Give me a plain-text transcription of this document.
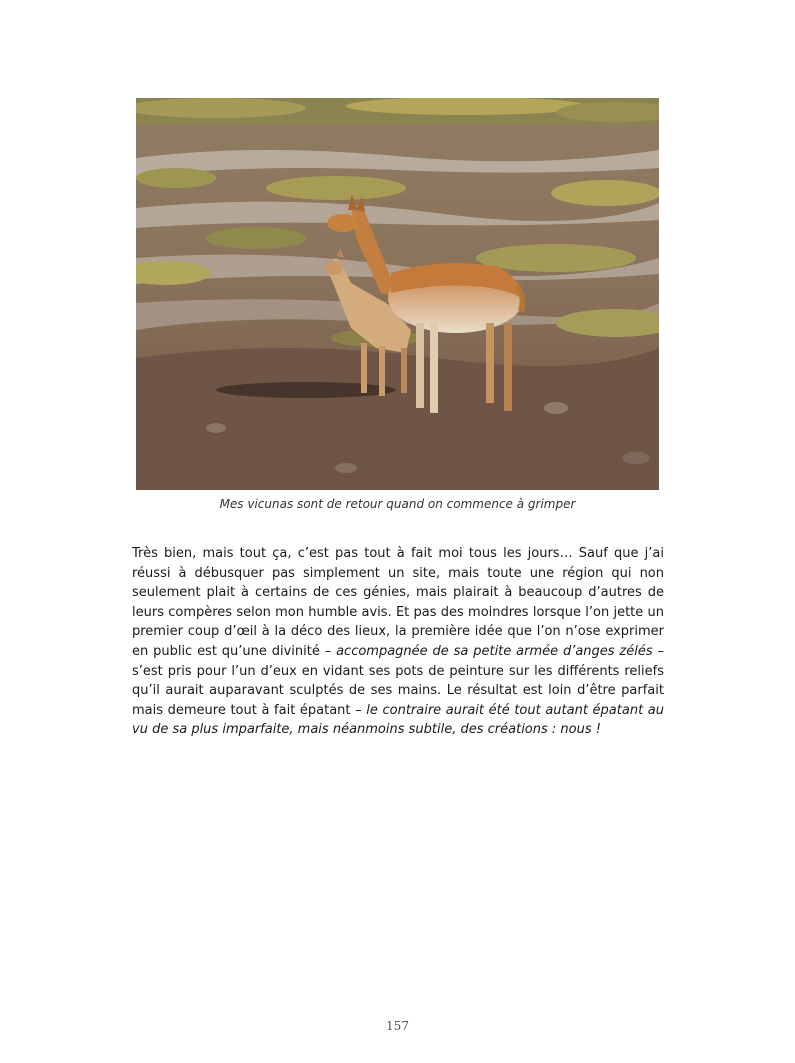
Mes vicunas sont de retour quand on commence à grimper

Très bien, mais tout ça, c’est pas tout à fait moi tous les jours… Sauf que j’ai réussi à débusquer pas simplement un site, mais toute une région qui non seulement plait à certains de ces génies, mais plairait à beaucoup d’autres de leurs compères selon mon humble avis. Et pas des moindres lorsque l’on jette un premier coup d’œil à la déco des lieux, la première idée que l’on n’ose exprimer en public est qu’une divinité – accompagnée de sa petite armée d’anges zélés – s’est pris pour l’un d’eux en vidant ses pots de peinture sur les différents reliefs qu’il aurait auparavant sculptés de ses mains. Le résultat est loin d’être parfait mais demeure tout à fait épatant – le contraire aurait été tout autant épatant au vu de sa plus imparfaite, mais néanmoins subtile, des créations : nous !

157
